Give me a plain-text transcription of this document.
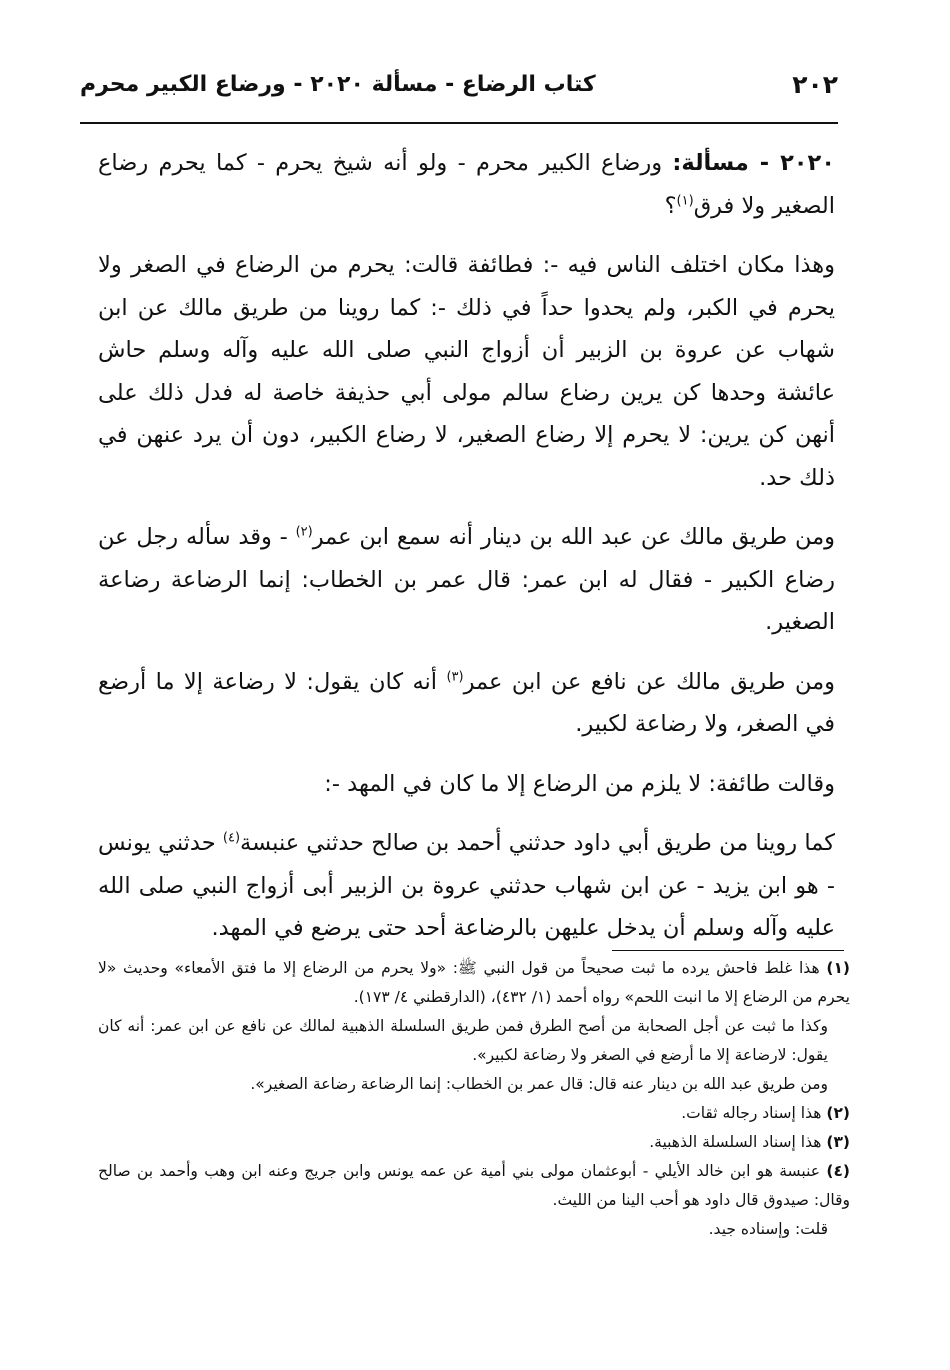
٢٠٢
كتاب الرضاع - مسألة ٢٠٢٠ - ورضاع الكبير محرم

٢٠٢٠ - مسألة: ورضاع الكبير محرم - ولو أنه شيخ يحرم - كما يحرم رضاع الصغير ولا فرق$^{(١)}$؟

وهذا مكان اختلف الناس فيه -: فطائفة قالت: يحرم من الرضاع في الصغر ولا يحرم في الكبر، ولم يحدوا حداً في ذلك -: كما روينا من طريق مالك عن ابن شهاب عن عروة بن الزبير أن أزواج النبي صلى الله عليه وآله وسلم حاش عائشة وحدها كن يرين رضاع سالم مولى أبي حذيفة خاصة له فدل ذلك على أنهن كن يرين: لا يحرم إلا رضاع الصغير، لا رضاع الكبير، دون أن يرد عنهن في ذلك حد.

ومن طريق مالك عن عبد الله بن دينار أنه سمع ابن عمر$^{(٢)}$ - وقد سأله رجل عن رضاع الكبير - فقال له ابن عمر: قال عمر بن الخطاب: إنما الرضاعة رضاعة الصغير.

ومن طريق مالك عن نافع عن ابن عمر$^{(٣)}$ أنه كان يقول: لا رضاعة إلا ما أرضع في الصغر، ولا رضاعة لكبير.

وقالت طائفة: لا يلزم من الرضاع إلا ما كان في المهد -:

كما روينا من طريق أبي داود حدثني أحمد بن صالح حدثني عنبسة$^{(٤)}$ حدثني يونس - هو ابن يزيد - عن ابن شهاب حدثني عروة بن الزبير أبى أزواج النبي صلى الله عليه وآله وسلم أن يدخل عليهن بالرضاعة أحد حتى يرضع في المهد.

(١) هذا غلط فاحش يرده ما ثبت صحيحاً من قول النبي ﷺ: «ولا يحرم من الرضاع إلا ما فتق الأمعاء» وحديث «لا يحرم من الرضاع إلا ما انبت اللحم» رواه أحمد (١/ ٤٣٢)، (الدارقطني ٤/ ١٧٣).

وكذا ما ثبت عن أجل الصحابة من أصح الطرق فمن طريق السلسلة الذهبية لمالك عن نافع عن ابن عمر: أنه كان يقول: لارضاعة إلا ما أرضع في الصغر ولا رضاعة لكبير».

ومن طريق عبد الله بن دينار عنه قال: قال عمر بن الخطاب: إنما الرضاعة رضاعة الصغير».

(٢) هذا إسناد رجاله ثقات.

(٣) هذا إسناد السلسلة الذهبية.

(٤) عنبسة هو ابن خالد الأيلي - أبوعثمان مولى بني أمية عن عمه يونس وابن جريج وعنه ابن وهب وأحمد بن صالح وقال: صيدوق قال داود هو أحب الينا من الليث.

قلت: وإسناده جيد.
